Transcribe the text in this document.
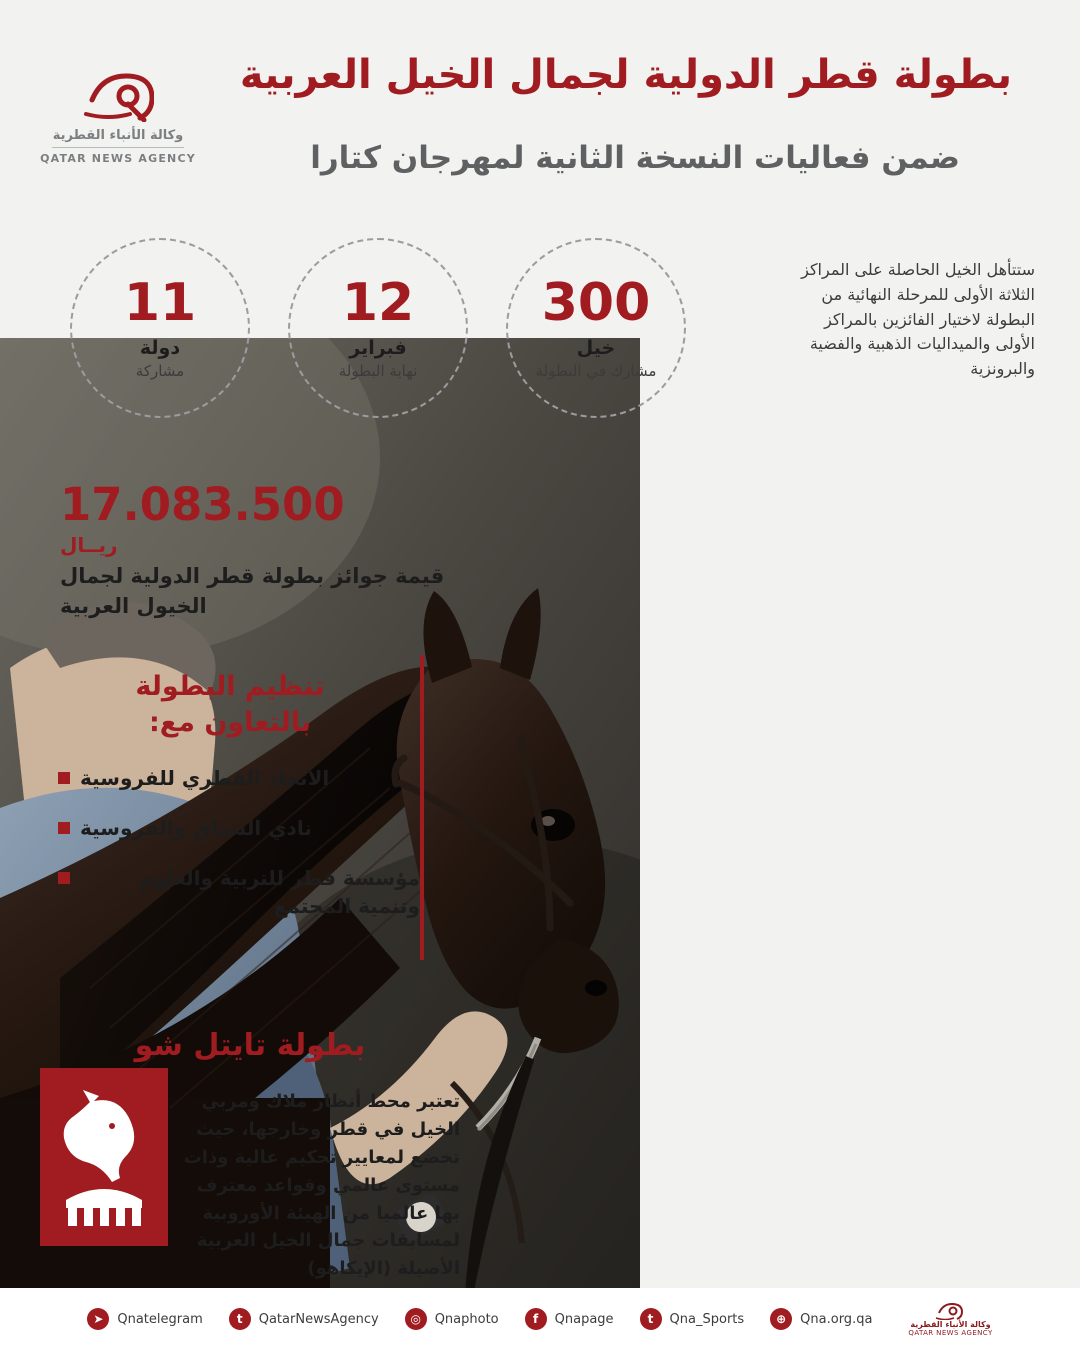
بطولة قطر الدولية لجمال الخيل العربية
ضمن فعاليات النسخة الثانية لمهرجان كتارا
وكالة الأنباء القطرية
QATAR NEWS AGENCY
11
دولة
مشاركة
12
فبراير
نهاية البطولة
300
خيل
مشارك في البطولة
ستتأهل الخيل الحاصلة على المراكز الثلاثة الأولى للمرحلة النهائية من البطولة لاختيار الفائزين بالمراكز الأولى والميداليات الذهبية والفضية والبرونزية
17.083.500
ريــال
قيمة جوائز بطولة قطر الدولية لجمال الخيول العربية
تنظيم البطولة
بالتعاون مع:
الاتحاد القطري للفروسية
نادي السباق والفروسية
مؤسسة قطر للتربية والعلوم وتنمية المجتمع
بطولة تايتل شو
تعتبر محط أنظار ملاك ومربي الخيل في قطر وخارجها، حيث تخضع لمعايير تحكيم عالية وذات مستوى عالمي وقواعد معترف بها عالميا من الهيئة الأوروبية لمسابقات جمال الخيل العربية الأصيلة (الإيكاهو)
➤	Qnatelegram	t	QatarNewsAgency	◎	Qnaphoto	f	Qnapage	t	Qna_Sports	⊕	Qna.org.qa	وكالة الأنباء القطرية
QATAR NEWS AGENCY
